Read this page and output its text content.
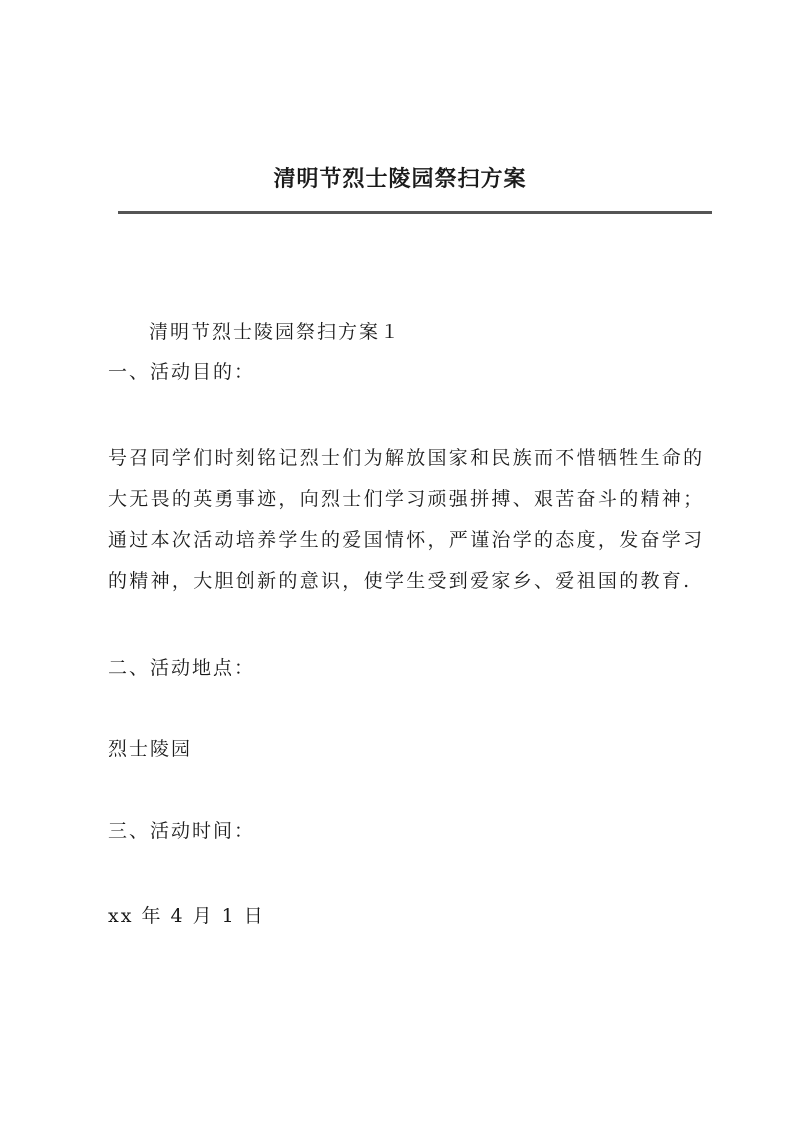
清明节烈士陵园祭扫方案
清明节烈士陵园祭扫方案１
一、活动目的：
号召同学们时刻铭记烈士们为解放国家和民族而不惜牺牲生命的
大无畏的英勇事迹，向烈士们学习顽强拼搏、艰苦奋斗的精神；
通过本次活动培养学生的爱国情怀，严谨治学的态度，发奋学习
的精神，大胆创新的意识，使学生受到爱家乡、爱祖国的教育.
二、活动地点：
烈士陵园
三、活动时间：
xx 年 4 月 1 日
